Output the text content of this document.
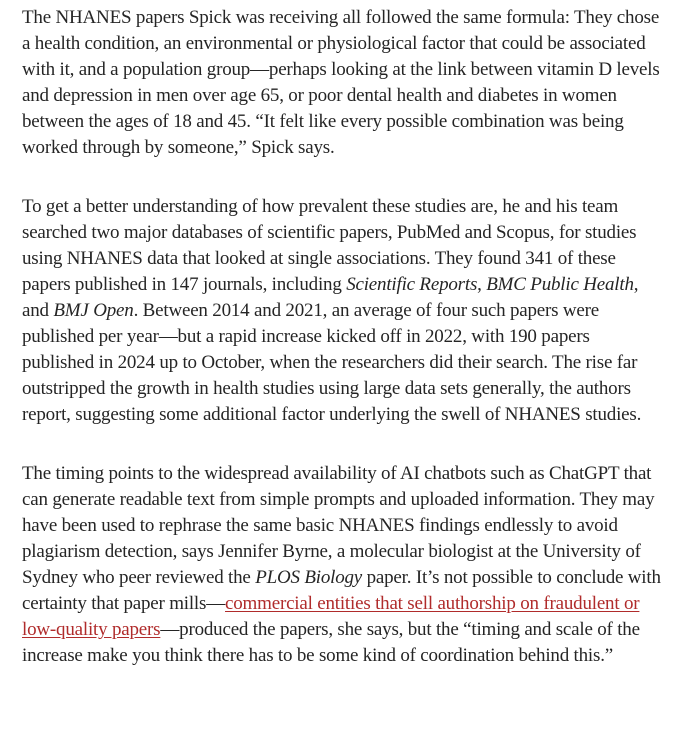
The NHANES papers Spick was receiving all followed the same formula: They chose a health condition, an environmental or physiological factor that could be associated with it, and a population group—perhaps looking at the link between vitamin D levels and depression in men over age 65, or poor dental health and diabetes in women between the ages of 18 and 45. “It felt like every possible combination was being worked through by someone,” Spick says.

To get a better understanding of how prevalent these studies are, he and his team searched two major databases of scientific papers, PubMed and Scopus, for studies using NHANES data that looked at single associations. They found 341 of these papers published in 147 journals, including Scientific Reports, BMC Public Health, and BMJ Open. Between 2014 and 2021, an average of four such papers were published per year—but a rapid increase kicked off in 2022, with 190 papers published in 2024 up to October, when the researchers did their search. The rise far outstripped the growth in health studies using large data sets generally, the authors report, suggesting some additional factor underlying the swell of NHANES studies.

The timing points to the widespread availability of AI chatbots such as ChatGPT that can generate readable text from simple prompts and uploaded information. They may have been used to rephrase the same basic NHANES findings endlessly to avoid plagiarism detection, says Jennifer Byrne, a molecular biologist at the University of Sydney who peer reviewed the PLOS Biology paper. It’s not possible to conclude with certainty that paper mills—commercial entities that sell authorship on fraudulent or low-quality papers—produced the papers, she says, but the “timing and scale of the increase make you think there has to be some kind of coordination behind this.”
